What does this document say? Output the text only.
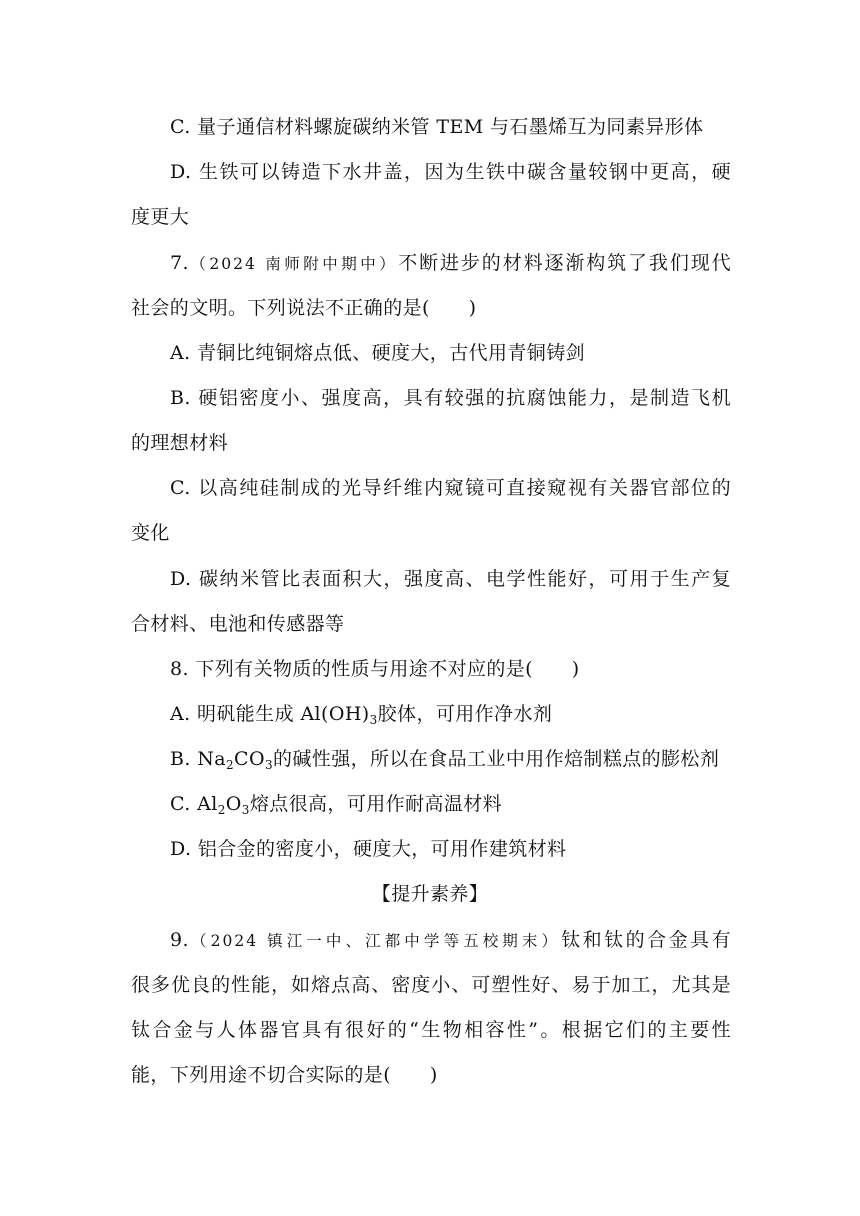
C. 量子通信材料螺旋碳纳米管 TEM 与石墨烯互为同素异形体
D. 生铁可以铸造下水井盖，因为生铁中碳含量较钢中更高，硬
度更大
7.（2024 南师附中期中）不断进步的材料逐渐构筑了我们现代
社会的文明。下列说法不正确的是(　　)
A. 青铜比纯铜熔点低、硬度大，古代用青铜铸剑
B. 硬铝密度小、强度高，具有较强的抗腐蚀能力，是制造飞机
的理想材料
C. 以高纯硅制成的光导纤维内窥镜可直接窥视有关器官部位的
变化
D. 碳纳米管比表面积大，强度高、电学性能好，可用于生产复
合材料、电池和传感器等
8. 下列有关物质的性质与用途不对应的是(　　)
A. 明矾能生成 $Al(OH)_3$胶体，可用作净水剂
B. $Na_2CO_3$的碱性强，所以在食品工业中用作焙制糕点的膨松剂
C. $Al_2O_3$熔点很高，可用作耐高温材料
D. 铝合金的密度小，硬度大，可用作建筑材料
【提升素养】
9.（2024 镇江一中、江都中学等五校期末）钛和钛的合金具有
很多优良的性能，如熔点高、密度小、可塑性好、易于加工，尤其是
钛合金与人体器官具有很好的“生物相容性”。根据它们的主要性
能，下列用途不切合实际的是(　　)
